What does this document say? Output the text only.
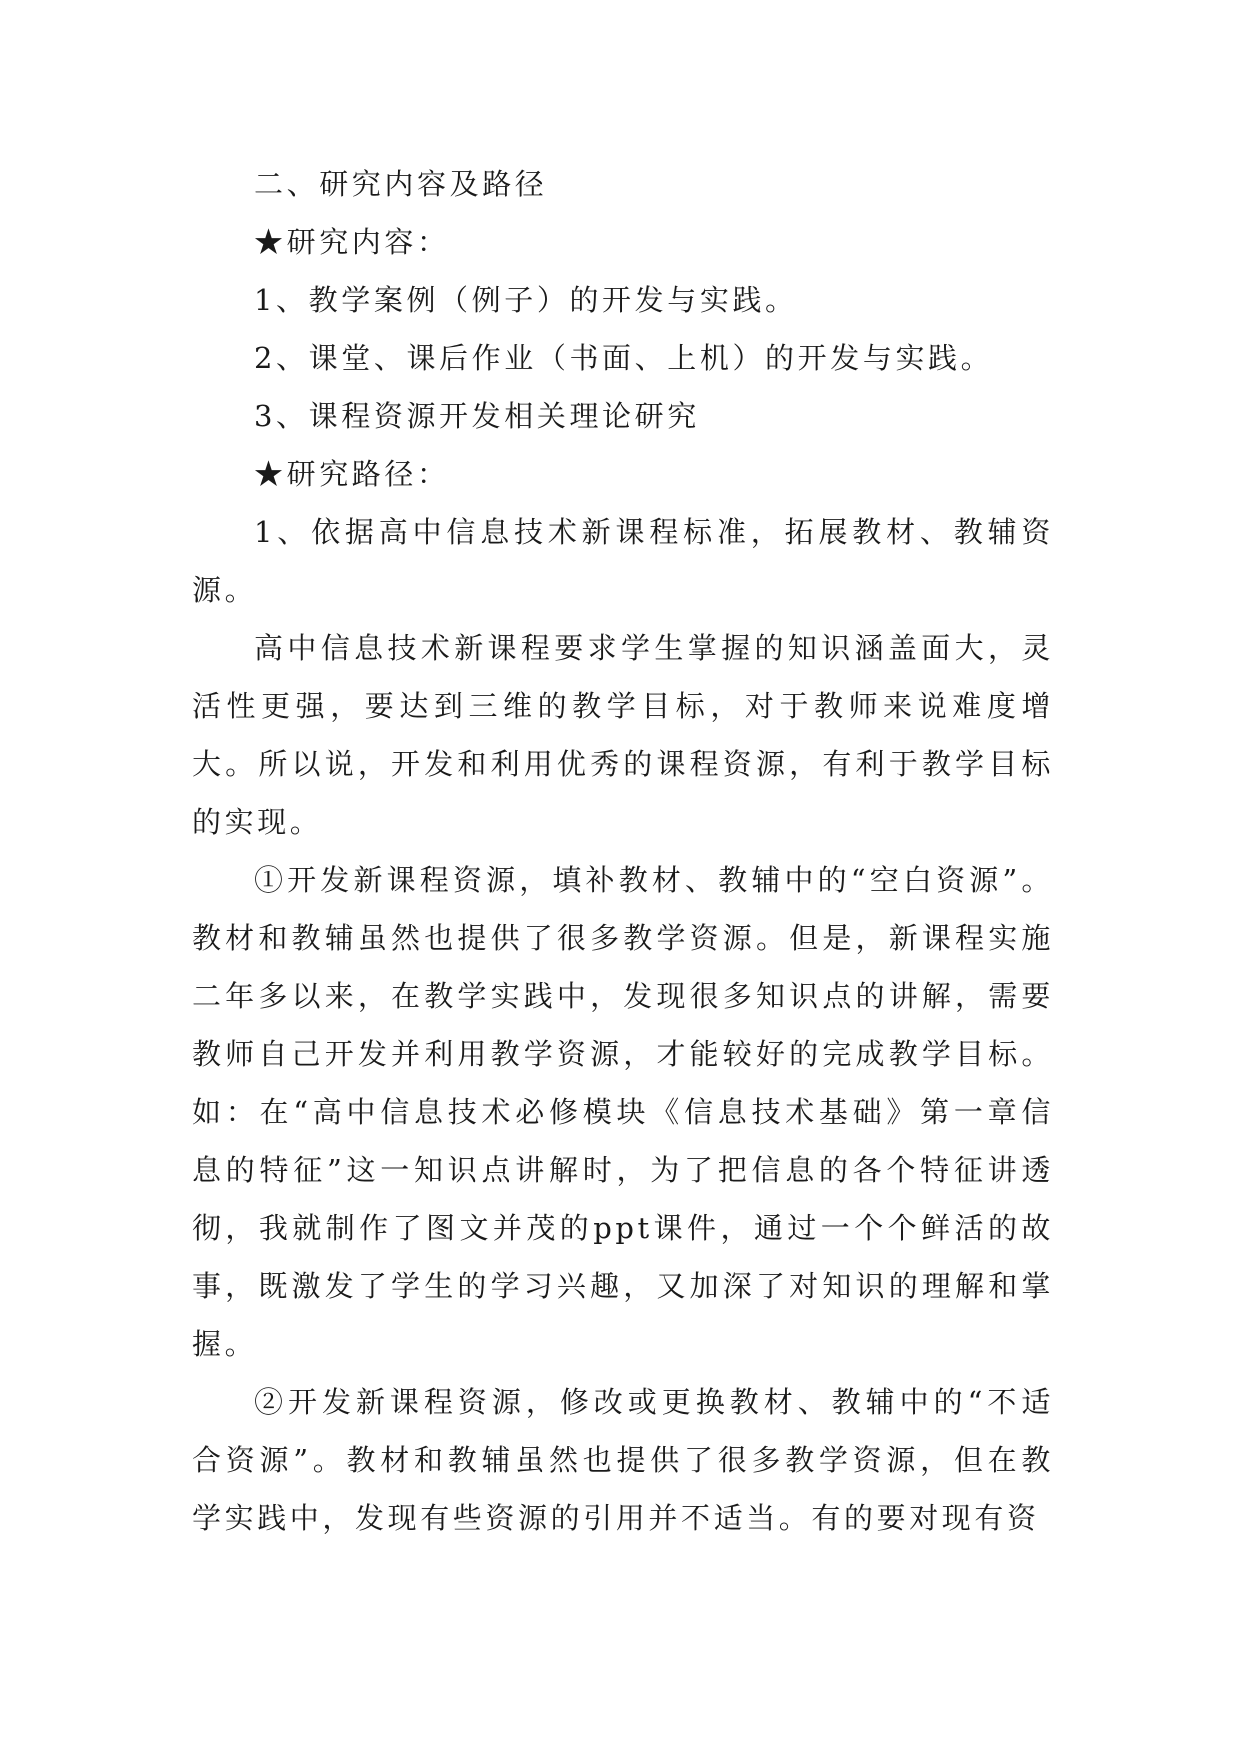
二、研究内容及路径

★研究内容：

1、教学案例（例子）的开发与实践。

2、课堂、课后作业（书面、上机）的开发与实践。

3、课程资源开发相关理论研究

★研究路径：

1、依据高中信息技术新课程标准，拓展教材、教辅资源。

高中信息技术新课程要求学生掌握的知识涵盖面大，灵活性更强，要达到三维的教学目标，对于教师来说难度增大。所以说，开发和利用优秀的课程资源，有利于教学目标的实现。

①开发新课程资源，填补教材、教辅中的“空白资源”。教材和教辅虽然也提供了很多教学资源。但是，新课程实施二年多以来，在教学实践中，发现很多知识点的讲解，需要教师自己开发并利用教学资源，才能较好的完成教学目标。如：在“高中信息技术必修模块《信息技术基础》第一章信息的特征”这一知识点讲解时，为了把信息的各个特征讲透彻，我就制作了图文并茂的ppt课件，通过一个个鲜活的故事，既激发了学生的学习兴趣，又加深了对知识的理解和掌握。

②开发新课程资源，修改或更换教材、教辅中的“不适合资源”。教材和教辅虽然也提供了很多教学资源，但在教学实践中，发现有些资源的引用并不适当。有的要对现有资
